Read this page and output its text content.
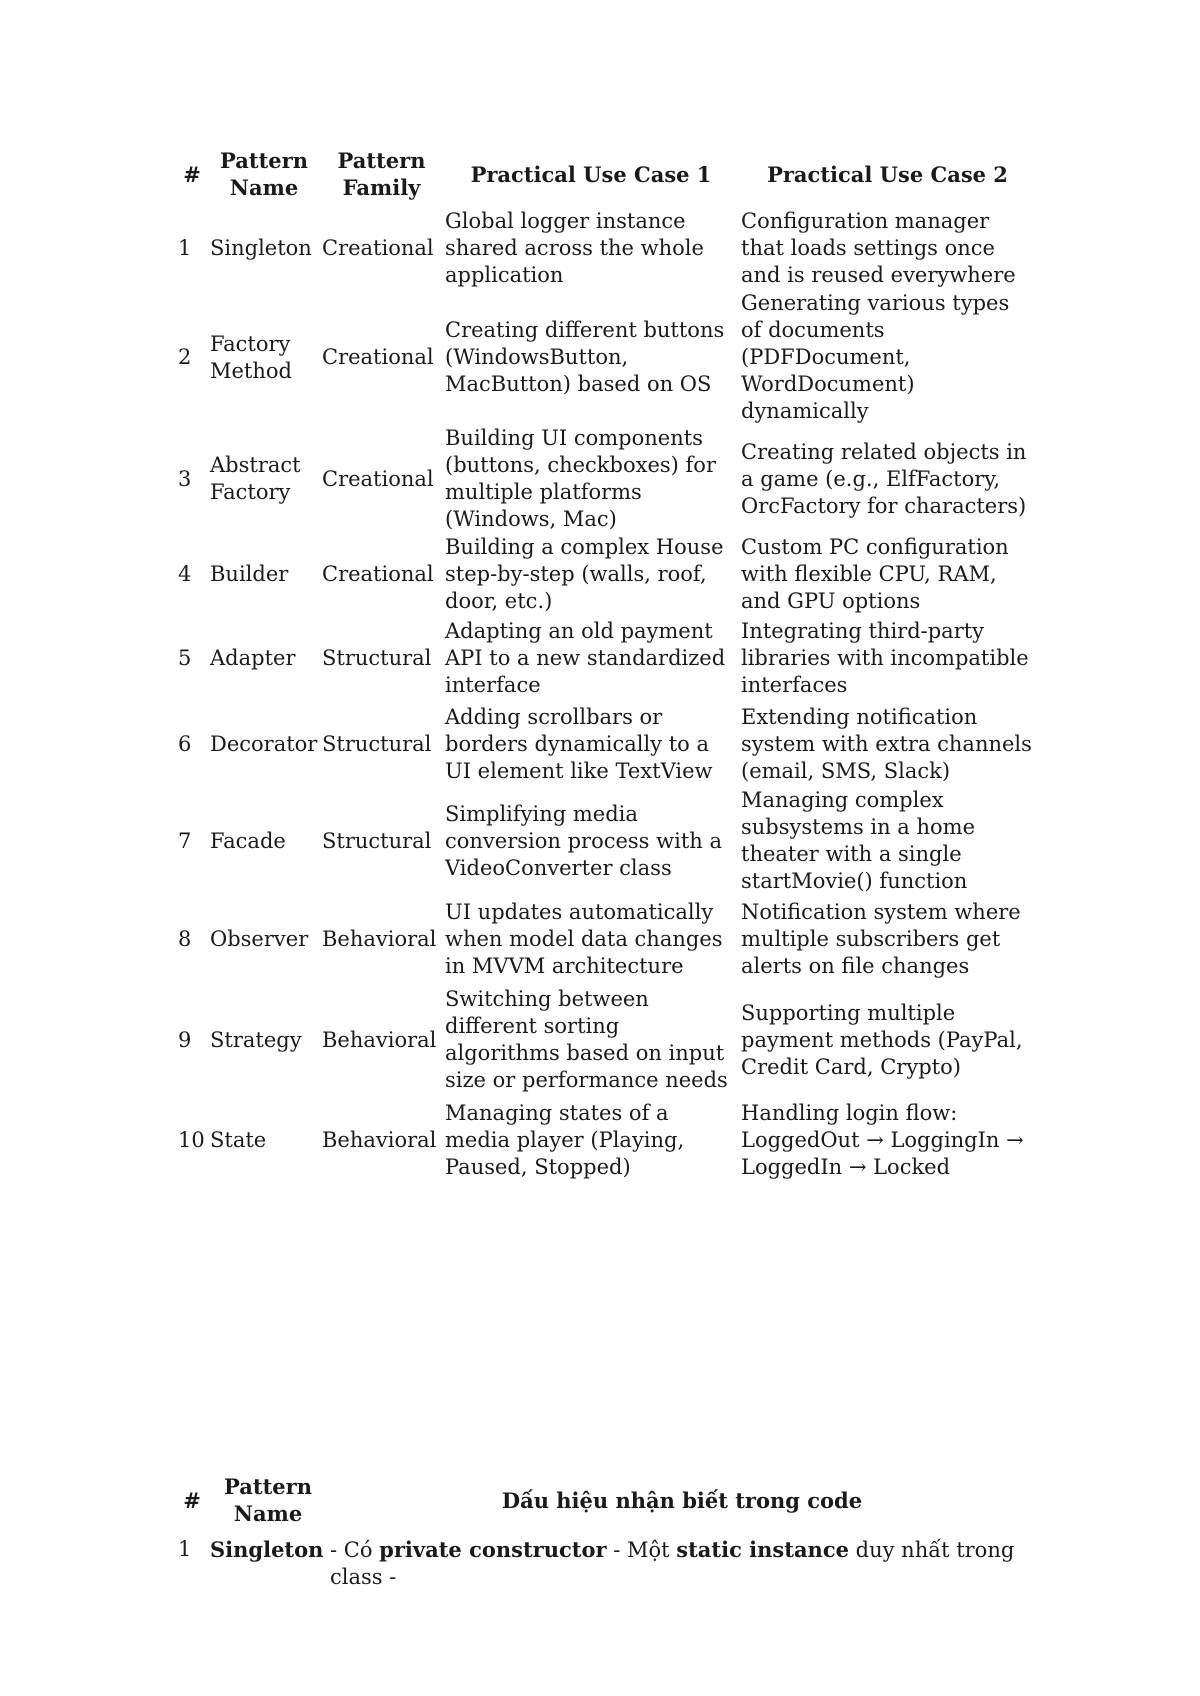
#	Pattern Name	Pattern Family	Practical Use Case 1	Practical Use Case 2
1	Singleton	Creational	Global logger instance shared across the whole application	Configuration manager that loads settings once and is reused everywhere
2	Factory Method	Creational	Creating different buttons (WindowsButton, MacButton) based on OS	Generating various types of documents (PDFDocument, WordDocument) dynamically
3	Abstract Factory	Creational	Building UI components (buttons, checkboxes) for multiple platforms (Windows, Mac)	Creating related objects in a game (e.g., ElfFactory, OrcFactory for characters)
4	Builder	Creational	Building a complex House step-by-step (walls, roof, door, etc.)	Custom PC configuration with flexible CPU, RAM, and GPU options
5	Adapter	Structural	Adapting an old payment API to a new standardized interface	Integrating third-party libraries with incompatible interfaces
6	Decorator	Structural	Adding scrollbars or borders dynamically to a UI element like TextView	Extending notification system with extra channels (email, SMS, Slack)
7	Facade	Structural	Simplifying media conversion process with a VideoConverter class	Managing complex subsystems in a home theater with a single startMovie() function
8	Observer	Behavioral	UI updates automatically when model data changes in MVVM architecture	Notification system where multiple subscribers get alerts on file changes
9	Strategy	Behavioral	Switching between different sorting algorithms based on input size or performance needs	Supporting multiple payment methods (PayPal, Credit Card, Crypto)
10	State	Behavioral	Managing states of a media player (Playing, Paused, Stopped)	Handling login flow: LoggedOut → LoggingIn → LoggedIn → Locked
#	Pattern Name	Dấu hiệu nhận biết trong code
1	Singleton	- Có private constructor - Một static instance duy nhất trong class -
